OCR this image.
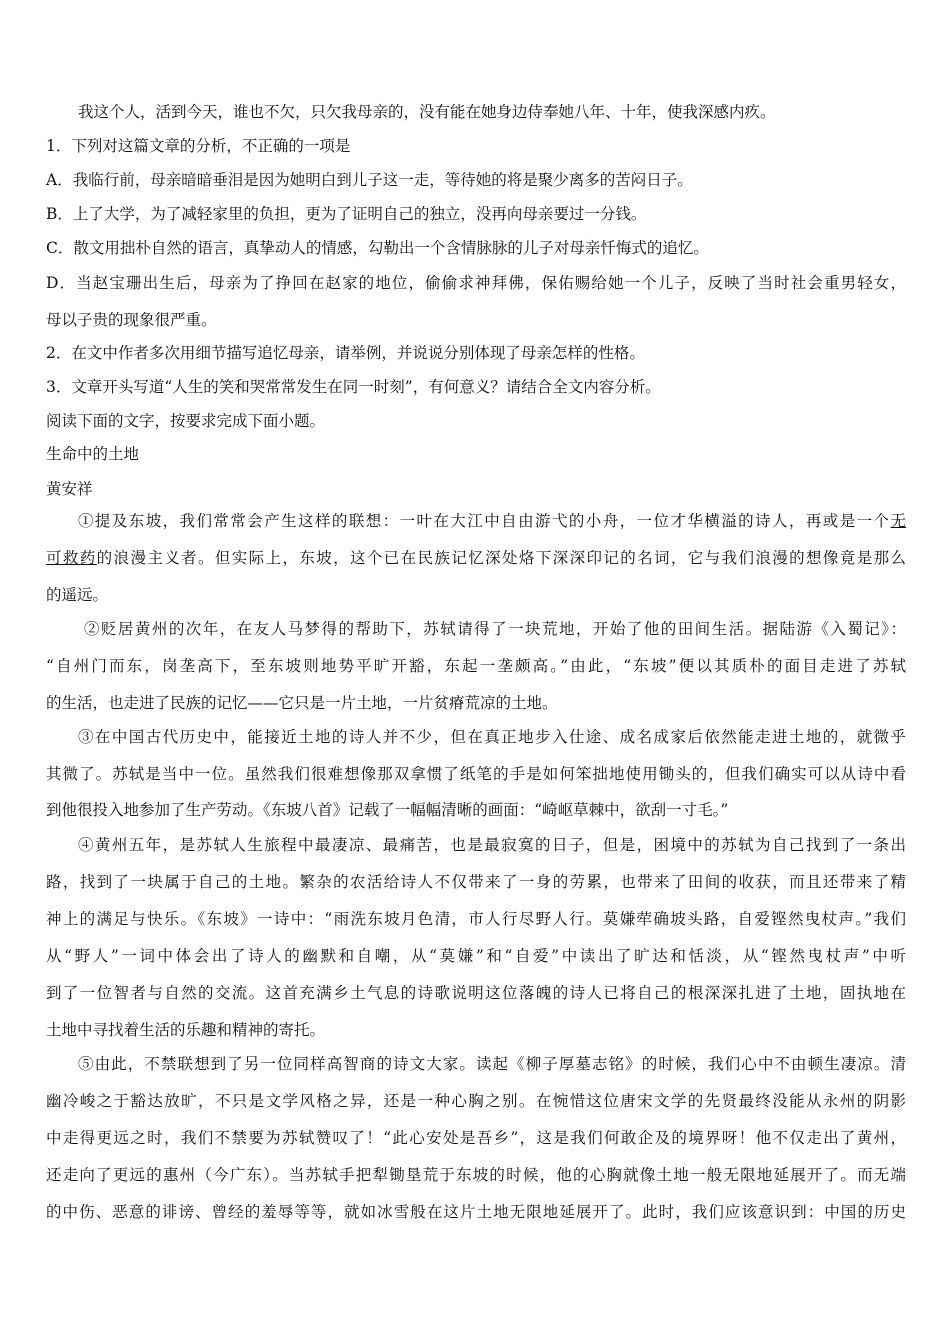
我这个人，活到今天，谁也不欠，只欠我母亲的，没有能在她身边侍奉她八年、十年，使我深感内疚。
1．下列对这篇文章的分析，不正确的一项是
A．我临行前，母亲暗暗垂泪是因为她明白到儿子这一走，等待她的将是聚少离多的苦闷日子。
B．上了大学，为了减轻家里的负担，更为了证明自己的独立，没再向母亲要过一分钱。
C．散文用拙朴自然的语言，真挚动人的情感，勾勒出一个含情脉脉的儿子对母亲忏悔式的追忆。
D．当赵宝珊出生后，母亲为了挣回在赵家的地位，偷偷求神拜佛，保佑赐给她一个儿子，反映了当时社会重男轻女，
母以子贵的现象很严重。
2．在文中作者多次用细节描写追忆母亲，请举例，并说说分别体现了母亲怎样的性格。
3．文章开头写道“人生的笑和哭常常发生在同一时刻”，有何意义？请结合全文内容分析。
阅读下面的文字，按要求完成下面小题。
生命中的土地
黄安祥
①提及东坡，我们常常会产生这样的联想：一叶在大江中自由游弋的小舟，一位才华横溢的诗人，再或是一个无
可救药的浪漫主义者。但实际上，东坡，这个已在民族记忆深处烙下深深印记的名词，它与我们浪漫的想像竟是那么
的遥远。
②贬居黄州的次年，在友人马梦得的帮助下，苏轼请得了一块荒地，开始了他的田间生活。据陆游《入蜀记》：
“自州门而东，岗垄高下，至东坡则地势平旷开豁，东起一垄颇高。”由此，“东坡”便以其质朴的面目走进了苏轼
的生活，也走进了民族的记忆——它只是一片土地，一片贫瘠荒凉的土地。
③在中国古代历史中，能接近土地的诗人并不少，但在真正地步入仕途、成名成家后依然能走进土地的，就微乎
其微了。苏轼是当中一位。虽然我们很难想像那双拿惯了纸笔的手是如何笨拙地使用锄头的，但我们确实可以从诗中看
到他很投入地参加了生产劳动。《东坡八首》记载了一幅幅清晰的画面：“崎岖草棘中，欲刮一寸毛。”
④黄州五年，是苏轼人生旅程中最凄凉、最痛苦，也是最寂寞的日子，但是，困境中的苏轼为自己找到了一条出
路，找到了一块属于自己的土地。繁杂的农活给诗人不仅带来了一身的劳累，也带来了田间的收获，而且还带来了精
神上的满足与快乐。《东坡》一诗中：“雨洗东坡月色清，市人行尽野人行。莫嫌荦确坡头路，自爱铿然曳杖声。”我们
从“野人”一词中体会出了诗人的幽默和自嘲，从“莫嫌”和“自爱”中读出了旷达和恬淡，从“铿然曳杖声”中听
到了一位智者与自然的交流。这首充满乡土气息的诗歌说明这位落魄的诗人已将自己的根深深扎进了土地，固执地在
土地中寻找着生活的乐趣和精神的寄托。
⑤由此，不禁联想到了另一位同样高智商的诗文大家。读起《柳子厚墓志铭》的时候，我们心中不由顿生凄凉。清
幽冷峻之于豁达放旷，不只是文学风格之异，还是一种心胸之别。在惋惜这位唐宋文学的先贤最终没能从永州的阴影
中走得更远之时，我们不禁要为苏轼赞叹了！“此心安处是吾乡”，这是我们何敢企及的境界呀！他不仅走出了黄州，
还走向了更远的惠州（今广东）。当苏轼手把犁锄垦荒于东坡的时候，他的心胸就像土地一般无限地延展开了。而无端
的中伤、恶意的诽谤、曾经的羞辱等等，就如冰雪般在这片土地无限地延展开了。此时，我们应该意识到：中国的历史
